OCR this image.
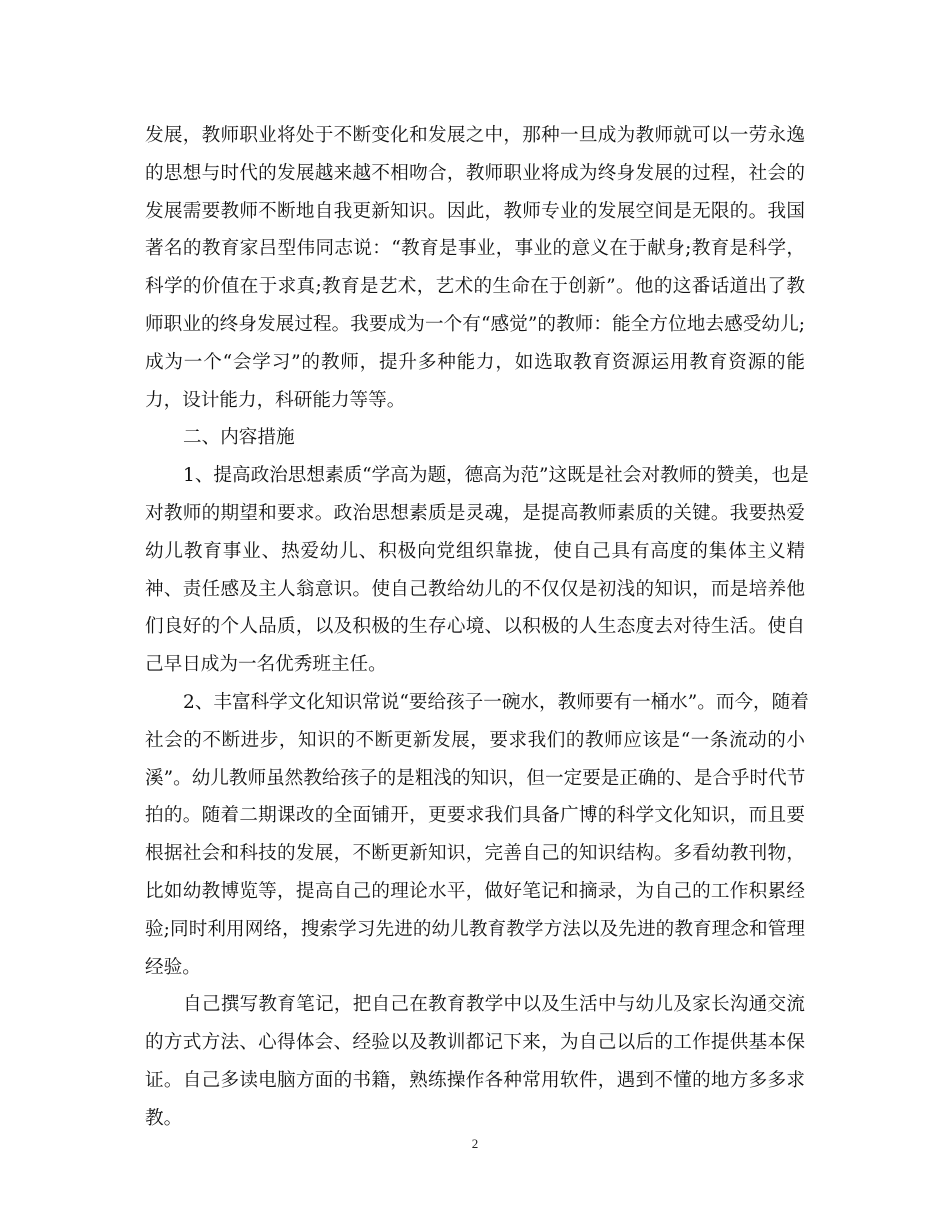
发展，教师职业将处于不断变化和发展之中，那种一旦成为教师就可以一劳永逸
的思想与时代的发展越来越不相吻合，教师职业将成为终身发展的过程，社会的
发展需要教师不断地自我更新知识。因此，教师专业的发展空间是无限的。我国
著名的教育家吕型伟同志说：“教育是事业，事业的意义在于献身;教育是科学，
科学的价值在于求真;教育是艺术，艺术的生命在于创新”。他的这番话道出了教
师职业的终身发展过程。我要成为一个有“感觉”的教师：能全方位地去感受幼儿;
成为一个“会学习”的教师，提升多种能力，如选取教育资源运用教育资源的能
力，设计能力，科研能力等等。
二、内容措施
1、提高政治思想素质“学高为题，德高为范”这既是社会对教师的赞美，也是
对教师的期望和要求。政治思想素质是灵魂，是提高教师素质的关键。我要热爱
幼儿教育事业、热爱幼儿、积极向党组织靠拢，使自己具有高度的集体主义精
神、责任感及主人翁意识。使自己教给幼儿的不仅仅是初浅的知识，而是培养他
们良好的个人品质，以及积极的生存心境、以积极的人生态度去对待生活。使自
己早日成为一名优秀班主任。
2、丰富科学文化知识常说“要给孩子一碗水，教师要有一桶水”。而今，随着
社会的不断进步，知识的不断更新发展，要求我们的教师应该是“一条流动的小
溪”。幼儿教师虽然教给孩子的是粗浅的知识，但一定要是正确的、是合乎时代节
拍的。随着二期课改的全面铺开，更要求我们具备广博的科学文化知识，而且要
根据社会和科技的发展，不断更新知识，完善自己的知识结构。多看幼教刊物，
比如幼教博览等，提高自己的理论水平，做好笔记和摘录，为自己的工作积累经
验;同时利用网络，搜索学习先进的幼儿教育教学方法以及先进的教育理念和管理
经验。
自己撰写教育笔记，把自己在教育教学中以及生活中与幼儿及家长沟通交流
的方式方法、心得体会、经验以及教训都记下来，为自己以后的工作提供基本保
证。自己多读电脑方面的书籍，熟练操作各种常用软件，遇到不懂的地方多多求
教。
2
